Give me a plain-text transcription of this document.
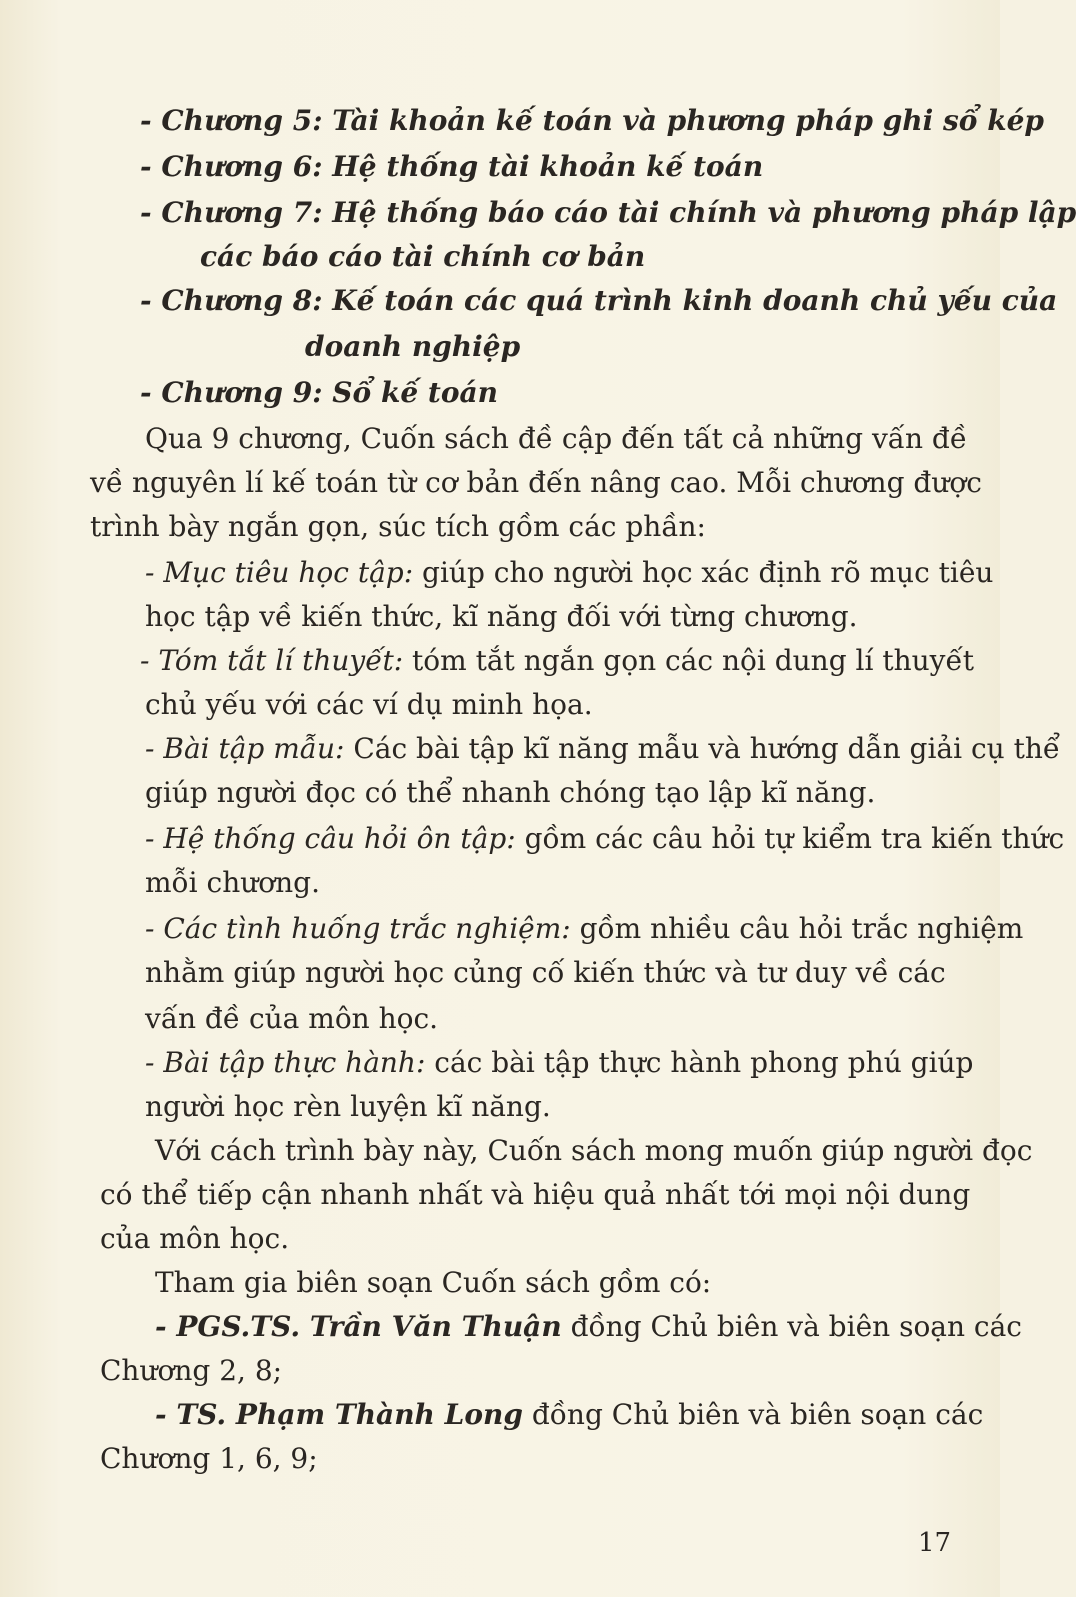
- Chương 5: Tài khoản kế toán và phương pháp ghi sổ kép
- Chương 6: Hệ thống tài khoản kế toán
- Chương 7: Hệ thống báo cáo tài chính và phương pháp lập
các báo cáo tài chính cơ bản
- Chương 8: Kế toán các quá trình kinh doanh chủ yếu của
doanh nghiệp
- Chương 9: Sổ kế toán
Qua 9 chương, Cuốn sách đề cập đến tất cả những vấn đề
về nguyên lí kế toán từ cơ bản đến nâng cao. Mỗi chương được
trình bày ngắn gọn, súc tích gồm các phần:
- Mục tiêu học tập: giúp cho người học xác định rõ mục tiêu
học tập về kiến thức, kĩ năng đối với từng chương.
- Tóm tắt lí thuyết: tóm tắt ngắn gọn các nội dung lí thuyết
chủ yếu với các ví dụ minh họa.
- Bài tập mẫu: Các bài tập kĩ năng mẫu và hướng dẫn giải cụ thể
giúp người đọc có thể nhanh chóng tạo lập kĩ năng.
- Hệ thống câu hỏi ôn tập: gồm các câu hỏi tự kiểm tra kiến thức
mỗi chương.
- Các tình huống trắc nghiệm: gồm nhiều câu hỏi trắc nghiệm
nhằm giúp người học củng cố kiến thức và tư duy về các
vấn đề của môn học.
- Bài tập thực hành: các bài tập thực hành phong phú giúp
người học rèn luyện kĩ năng.
Với cách trình bày này, Cuốn sách mong muốn giúp người đọc
có thể tiếp cận nhanh nhất và hiệu quả nhất tới mọi nội dung
của môn học.
Tham gia biên soạn Cuốn sách gồm có:
- PGS.TS. Trần Văn Thuận đồng Chủ biên và biên soạn các
Chương 2, 8;
- TS. Phạm Thành Long đồng Chủ biên và biên soạn các
Chương 1, 6, 9;
17
